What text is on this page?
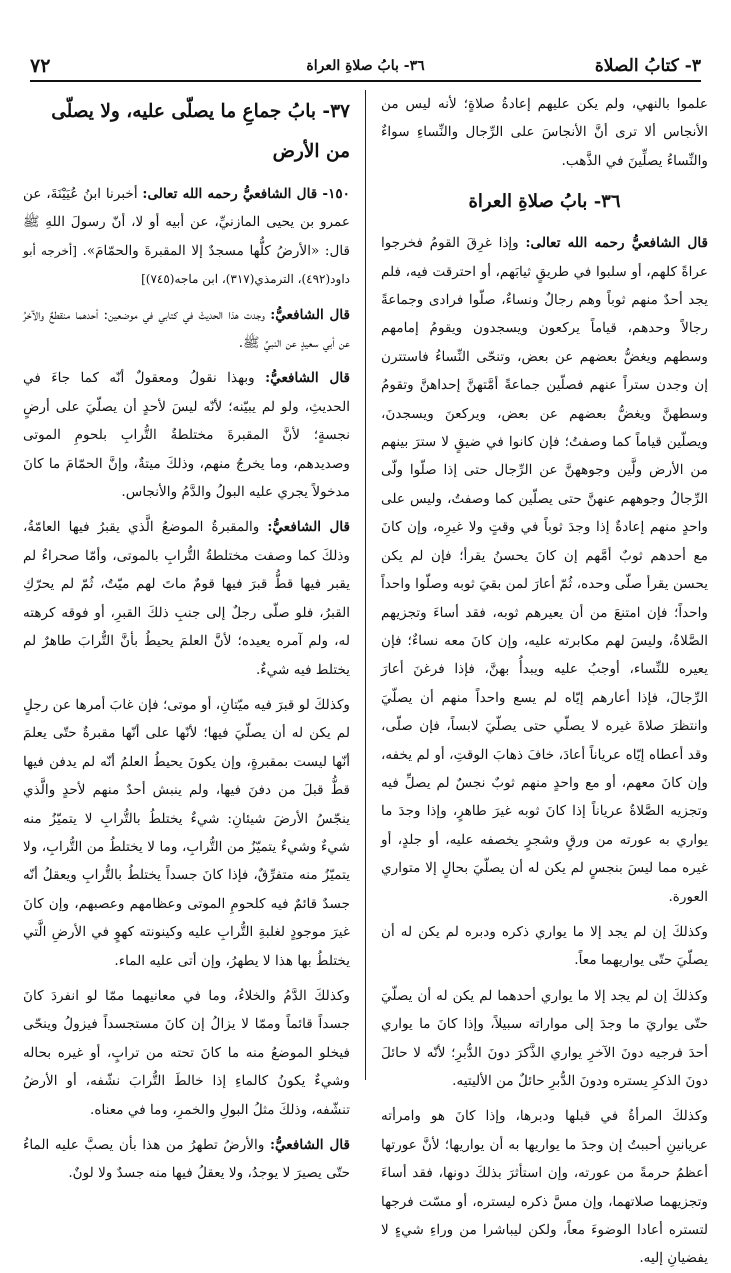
٣- كتابُ الصلاة
٣٦- بابُ صلاةِ العراة
٧٢

علموا بالنهي، ولم يكن عليهم إعادةُ صلاةٍ؛ لأنه ليس من الأنجاس ألا ترى أنَّ الأنجاسَ على الرِّجال والنِّساءِ سواءٌ والنِّساءُ يصلِّينَ في الذَّهب.

٣٦- بابُ صلاةِ العراة

قال الشافعيُّ رحمه الله تعالى: وإذا غرِقَ القومُ فخرجوا عراةً كلهم، أو سلبوا في طريقٍ ثيابَهم، أو احترقت فيه، فلم يجد أحدٌ منهم ثوباً وهم رجالٌ ونساءٌ، صلّوا فرادى وجماعةً رجالاً وحدهم، قياماً يركعون ويسجدون ويقومُ إمامهم وسطهم ويغضُّ بعضهم عن بعض، وتنحّى النِّساءُ فاستترن إن وجدن ستراً عنهم فصلّين جماعةً أمَّتهنَّ إحداهنَّ وتقومُ وسطهنَّ ويغضُّ بعضهم عن بعض، ويركعنَ ويسجدنَ، ويصلّين قياماً كما وصفتُ؛ فإن كانوا في ضيقٍ لا سترَ بينهم من الأرض ولَّين وجوههنَّ عن الرِّجال حتى إذا صلّوا ولّى الرِّجالُ وجوههم عنهنَّ حتى يصلّين كما وصفتُ، وليس على واحدٍ منهم إعادةٌ إذا وجدَ ثوباً في وقتٍ ولا غيرِه، وإن كانَ مع أحدهم ثوبٌ أمَّهم إن كانَ يحسنُ يقرأ؛ فإن لم يكن يحسن يقرأ صلّى وحده، ثُمّ أعارَ لمن بقيَ ثوبه وصلّوا واحداً واحداً؛ فإن امتنعَ من أن يعيرهم ثوبه، فقد أساءَ وتجزيهم الصَّلاةُ، وليسَ لهم مكابرته عليه، وإن كانَ معه نساءٌ؛ فإن يعيره للنِّساء، أوجبُ عليه ويبدأُ بهنَّ، فإذا فرغنَ أعارَ الرِّجالَ، فإذا أعارهم إيّاه لم يسع واحداً منهم أن يصلّيَ وانتظرَ صلاةَ غيره لا يصلّي حتى يصلّيَ لابساً، فإن صلّى، وقد أعطاه إيّاه عرياناً أعادَ، خافَ ذهابَ الوقتِ، أو لم يخفه، وإن كانَ معهم، أو مع واحدٍ منهم ثوبٌ نجسٌ لم يصلِّ فيه وتجزيه الصَّلاةُ عرياناً إذا كانَ ثوبه غيرَ طاهرٍ، وإذا وجدَ ما يواري به عورته من ورقٍ وشجرٍ يخصفه عليه، أو جلدٍ، أو غيره مما ليسَ بنجسٍ لم يكن له أن يصلّيَ بحالٍ إلا متواري العورة.

وكذلكَ إن لم يجد إلا ما يواري ذكره ودبره لم يكن له أن يصلّيَ حتّى يواريهما معاً.

وكذلكَ إن لم يجد إلا ما يواري أحدهما لم يكن له أن يصلّيَ حتّى يواريَ ما وجدَ إلى مواراته سبيلاً، وإذا كانَ ما يواري أحدَ فرجيه دونَ الآخرِ يواري الذَّكرَ دونَ الدُّبرِ؛ لأنّه لا حائلَ دونَ الذكرِ يستره ودونَ الدُّبرِ حائلٌ من الأليتيه.

وكذلكَ المرأةُ في قبلها ودبرها، وإذا كانَ هو وامرأته عريانينِ أحببتُ إن وجدَ ما يواريها به أن يواريها؛ لأنَّ عورتها أعظمُ حرمةً من عورته، وإن استأثرَ بذلكَ دونها، فقد أساءَ وتجزيهما صلاتهما، وإن مسَّ ذكره ليستره، أو مسّت فرجها لتستره أعادا الوضوءَ معاً، ولكن ليباشرا من وراءِ شيءٍ لا يفضيانِ إليه.

٣٧- بابُ جماعِ ما يصلّى عليه، ولا يصلّى من الأرض

١٥٠- قال الشافعيُّ رحمه الله تعالى: أخبرنا ابنُ عُيَيْنَةَ، عن عمرو بن يحيى المازنيِّ، عن أبيه أو لا، أنّ رسولَ اللهِ ﷺ قال: «الأرضُ كلُّها مسجدٌ إلا المقبرةَ والحمّامَ». [أخرجه أبو داود(٤٩٢)، الترمذي(٣١٧)، ابن ماجه(٧٤٥)]

قال الشافعيُّ: وجدت هذا الحديثَ في كتابي في موضعين: أحدهما منقطعٌ والآخرُ عن أبي سعيدٍ عن النبيِّ ﷺ.

قال الشافعيُّ: وبهذا نقولُ ومعقولٌ أنّه كما جاءَ في الحديثِ، ولو لم يبيّنه؛ لأنّه ليسَ لأحدٍ أن يصلّيَ على أرضٍ نجسةٍ؛ لأنَّ المقبرةَ مختلطةُ التُّرابِ بلحومِ الموتى وصديدهم، وما يخرجُ منهم، وذلكَ ميتةٌ، وإنَّ الحمّامَ ما كانَ مدخولاً يجري عليه البولُ والدَّمُ والأنجاس.

قال الشافعيُّ: والمقبرةُ الموضعُ الَّذي يقبرُ فيها العامّةُ، وذلكَ كما وصفت مختلطةُ التُّرابِ بالموتى، وأمّا صحراءُ لم يقبر فيها قطُّ قبرَ فيها قومٌ ماتَ لهم ميّتٌ، ثُمّ لم يحرّكِ القبرُ، فلو صلّى رجلٌ إلى جنبِ ذلكَ القبرِ، أو فوقه كرهته له، ولم آمره يعيده؛ لأنَّ العلمَ يحيطُ بأنَّ التُّرابَ طاهرٌ لم يختلط فيه شيءٌ.

وكذلكَ لو قبرَ فيه ميّتانِ، أو موتى؛ فإن غابَ أمرها عن رجلٍ لم يكن له أن يصلّيَ فيها؛ لأنّها على أنّها مقبرةٌ حتّى يعلمَ أنّها ليست بمقبرةٍ، وإن يكونَ يحيطُ العلمُ أنّه لم يدفن فيها قطُّ قبلَ من دفنَ فيها، ولم ينبش أحدٌ منهم لأحدٍ والَّذي ينجّسُ الأرضَ شيئانِ: شيءٌ يختلطُ بالتُّرابِ لا يتميّزُ منه شيءٌ وشيءٌ يتميّزُ من التُّرابِ، وما لا يختلطُ من التُّرابِ، ولا يتميّزُ منه متفرِّقٌ، فإذا كانَ جسداً يختلطُ بالتُّرابِ ويعقلُ أنّه جسدٌ قائمٌ فيه كلحومِ الموتى وعظامهم وعصبهم، وإن كانَ غيرَ موجودٍ لغلبةِ التُّرابِ عليه وكينونته كهوٍ في الأرضِ الَّتي يختلطُ بها هذا لا يطهرُ، وإن أتى عليه الماء.

وكذلكَ الدَّمُ والخلاءُ، وما في معانيهما ممّا لو انفردَ كانَ جسداً قائماً وممّا لا يزالُ إن كانَ مستجسداً فيزولُ وينحّى فيخلو الموضعُ منه ما كانَ تحته من ترابٍ، أو غيره بحاله وشيءٌ يكونُ كالماءِ إذا خالطَ التُّرابَ نشّفه، أو الأرضُ تنشّفه، وذلكَ مثلُ البولِ والخمرِ، وما في معناه.

قال الشافعيُّ: والأرضُ تطهرُ من هذا بأن يصبَّ عليه الماءُ حتّى يصيرَ لا يوجدُ، ولا يعقلُ فيها منه جسدٌ ولا لونٌ.
